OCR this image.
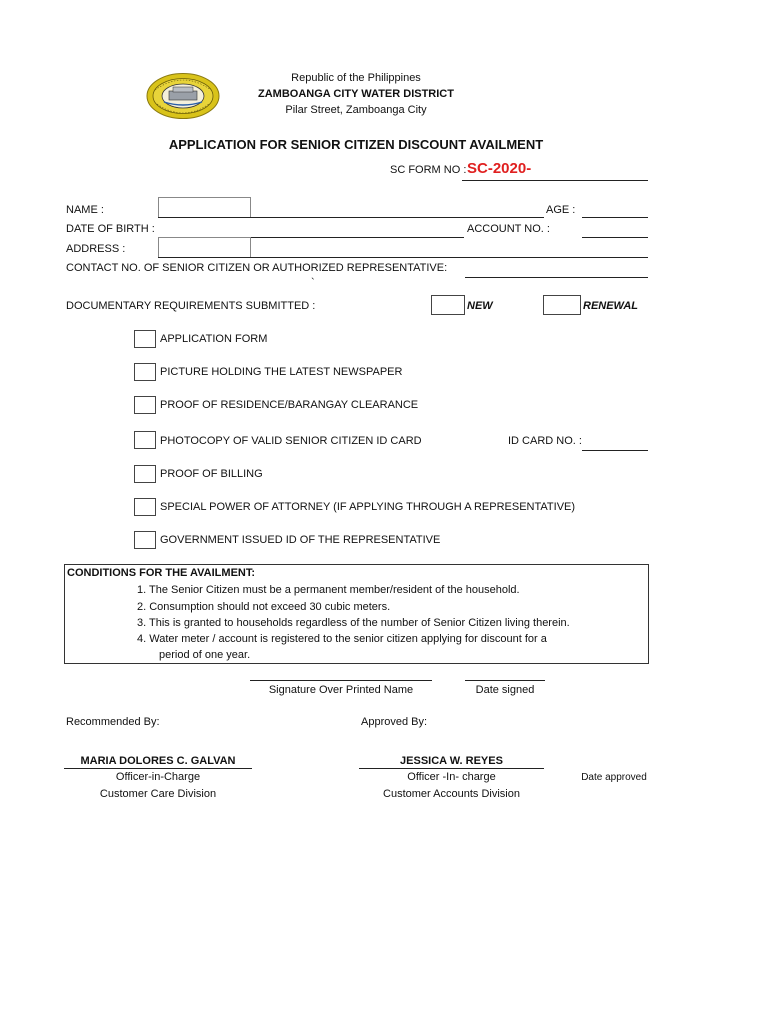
Republic of the Philippines
ZAMBOANGA CITY WATER DISTRICT
Pilar Street, Zamboanga City
APPLICATION FOR SENIOR CITIZEN DISCOUNT AVAILMENT
SC FORM NO : SC-2020-
NAME :	AGE :
DATE OF BIRTH :	ACCOUNT NO. :
ADDRESS :
CONTACT NO. OF SENIOR CITIZEN OR AUTHORIZED REPRESENTATIVE:
`
DOCUMENTARY REQUIREMENTS SUBMITTED :	NEW	RENEWAL
APPLICATION FORM
PICTURE HOLDING THE LATEST NEWSPAPER
PROOF OF RESIDENCE/BARANGAY CLEARANCE
PHOTOCOPY OF VALID SENIOR CITIZEN ID CARD	ID CARD NO. :
PROOF OF BILLING
SPECIAL POWER OF ATTORNEY (IF APPLYING THROUGH A REPRESENTATIVE)
GOVERNMENT ISSUED ID OF THE REPRESENTATIVE
CONDITIONS FOR THE AVAILMENT:
1. The Senior Citizen must be a permanent member/resident of the household.
2. Consumption should not exceed 30 cubic meters.
3. This is granted to households regardless of the number of Senior Citizen living therein.
4. Water meter / account is registered to the senior citizen applying for discount for a
period of one year.
Signature Over Printed Name	Date signed
Recommended By:	Approved By:
MARIA DOLORES C. GALVAN
Officer-in-Charge
Customer Care Division
JESSICA W. REYES
Officer -In- charge
Customer Accounts Division
Date approved
